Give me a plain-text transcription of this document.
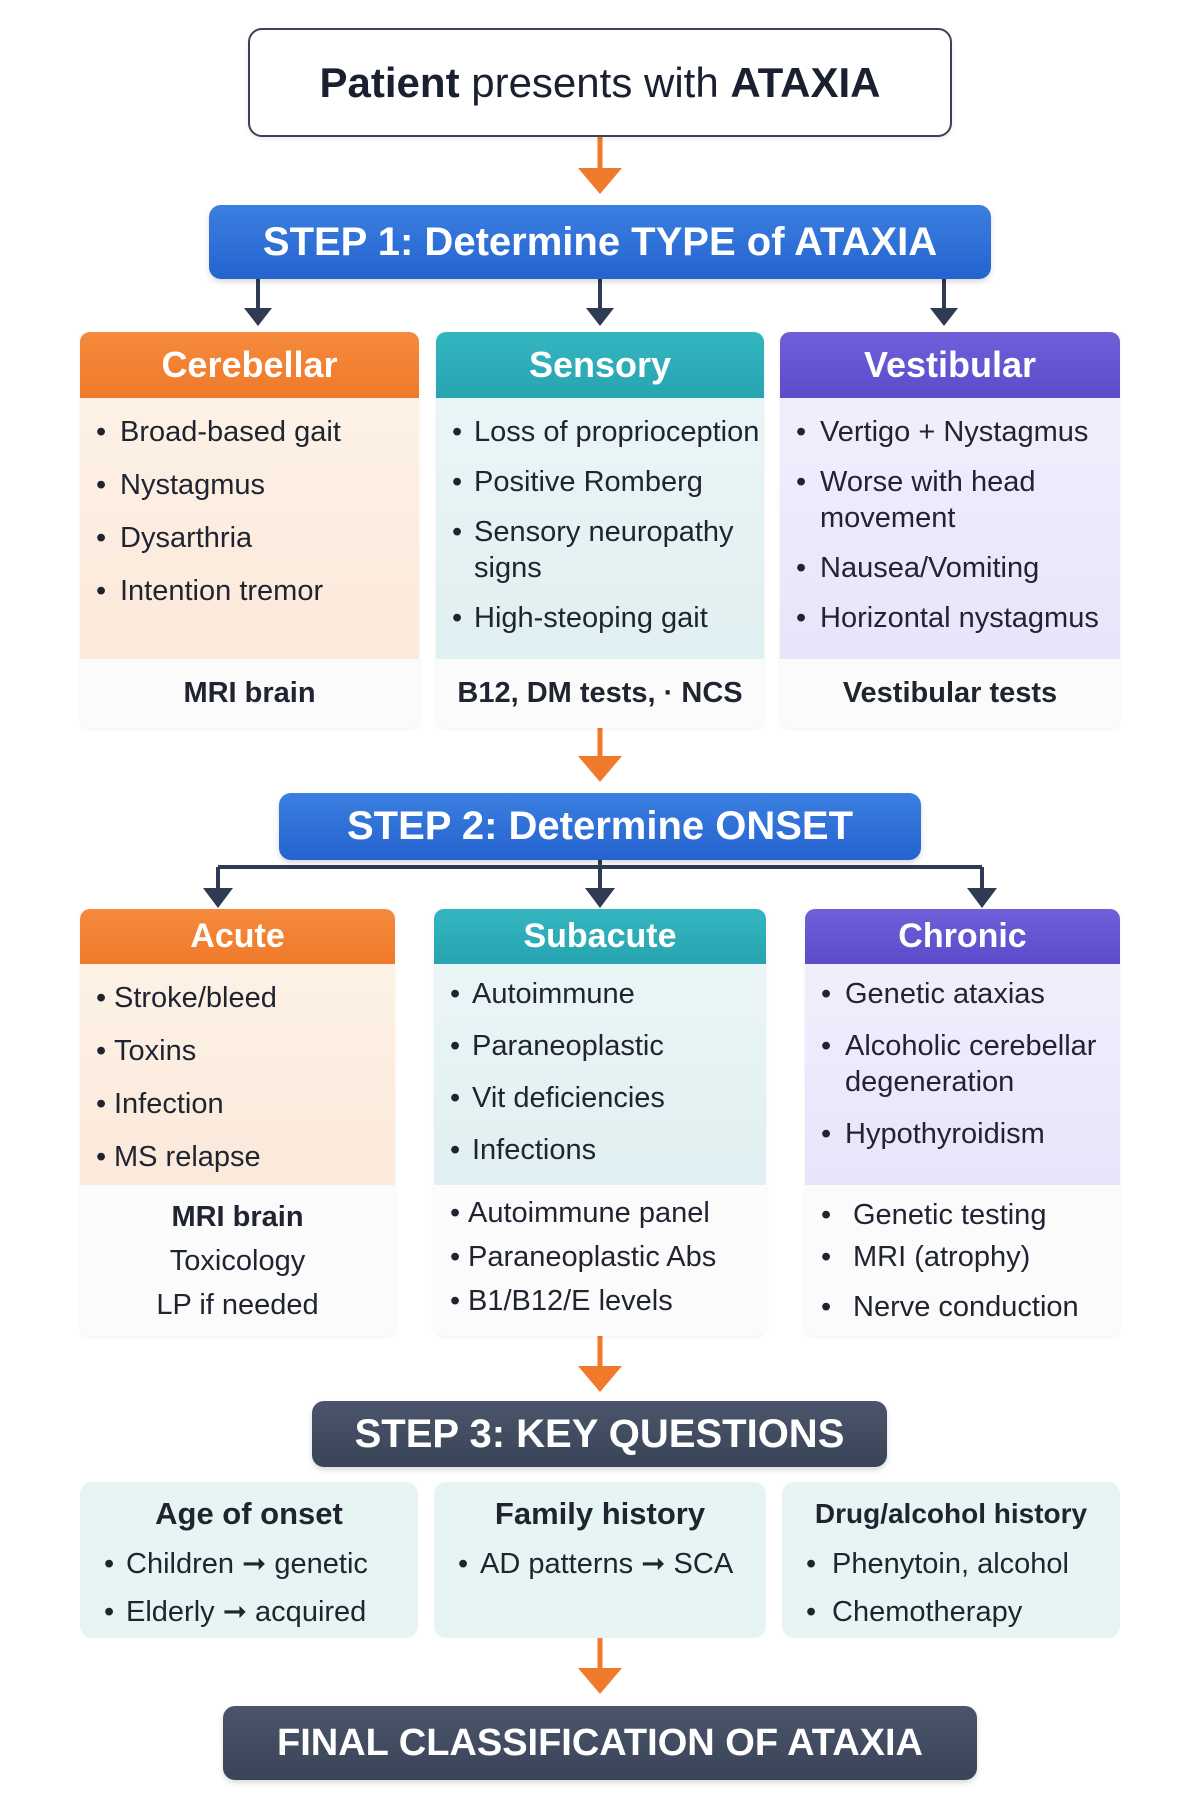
Patient presents with ATAXIA
STEP 1: Determine TYPE of ATAXIA
Cerebellar
• Broad-based gait
• Nystagmus
• Dysarthria
• Intention tremor
MRI brain
Sensory
• Loss of proprioception
• Positive Romberg
• Sensory neuropathy signs
• High-steoping gait
B12, DM tests, · NCS
Vestibular
• Vertigo + Nystagmus
• Worse with head movement
• Nausea/Vomiting
• Horizontal nystagmus
Vestibular tests
STEP 2: Determine ONSET
Acute
• Stroke/bleed
• Toxins
• Infection
• MS relapse
MRI brain
Toxicology
LP if needed
Subacute
• Autoimmune
• Paraneoplastic
• Vit deficiencies
• Infections
• Autoimmune panel
• Paraneoplastic Abs
• B1/B12/E levels
Chronic
• Genetic ataxias
• Alcoholic cerebellar degeneration
• Hypothyroidism
• Genetic testing
• MRI (atrophy)
• Nerve conduction
STEP 3: KEY QUESTIONS
Age of onset
• Children ➞ genetic
• Elderly ➞ acquired
Family history
• AD patterns ➞ SCA
Drug/alcohol history
• Phenytoin, alcohol
• Chemotherapy
FINAL CLASSIFICATION OF ATAXIA
